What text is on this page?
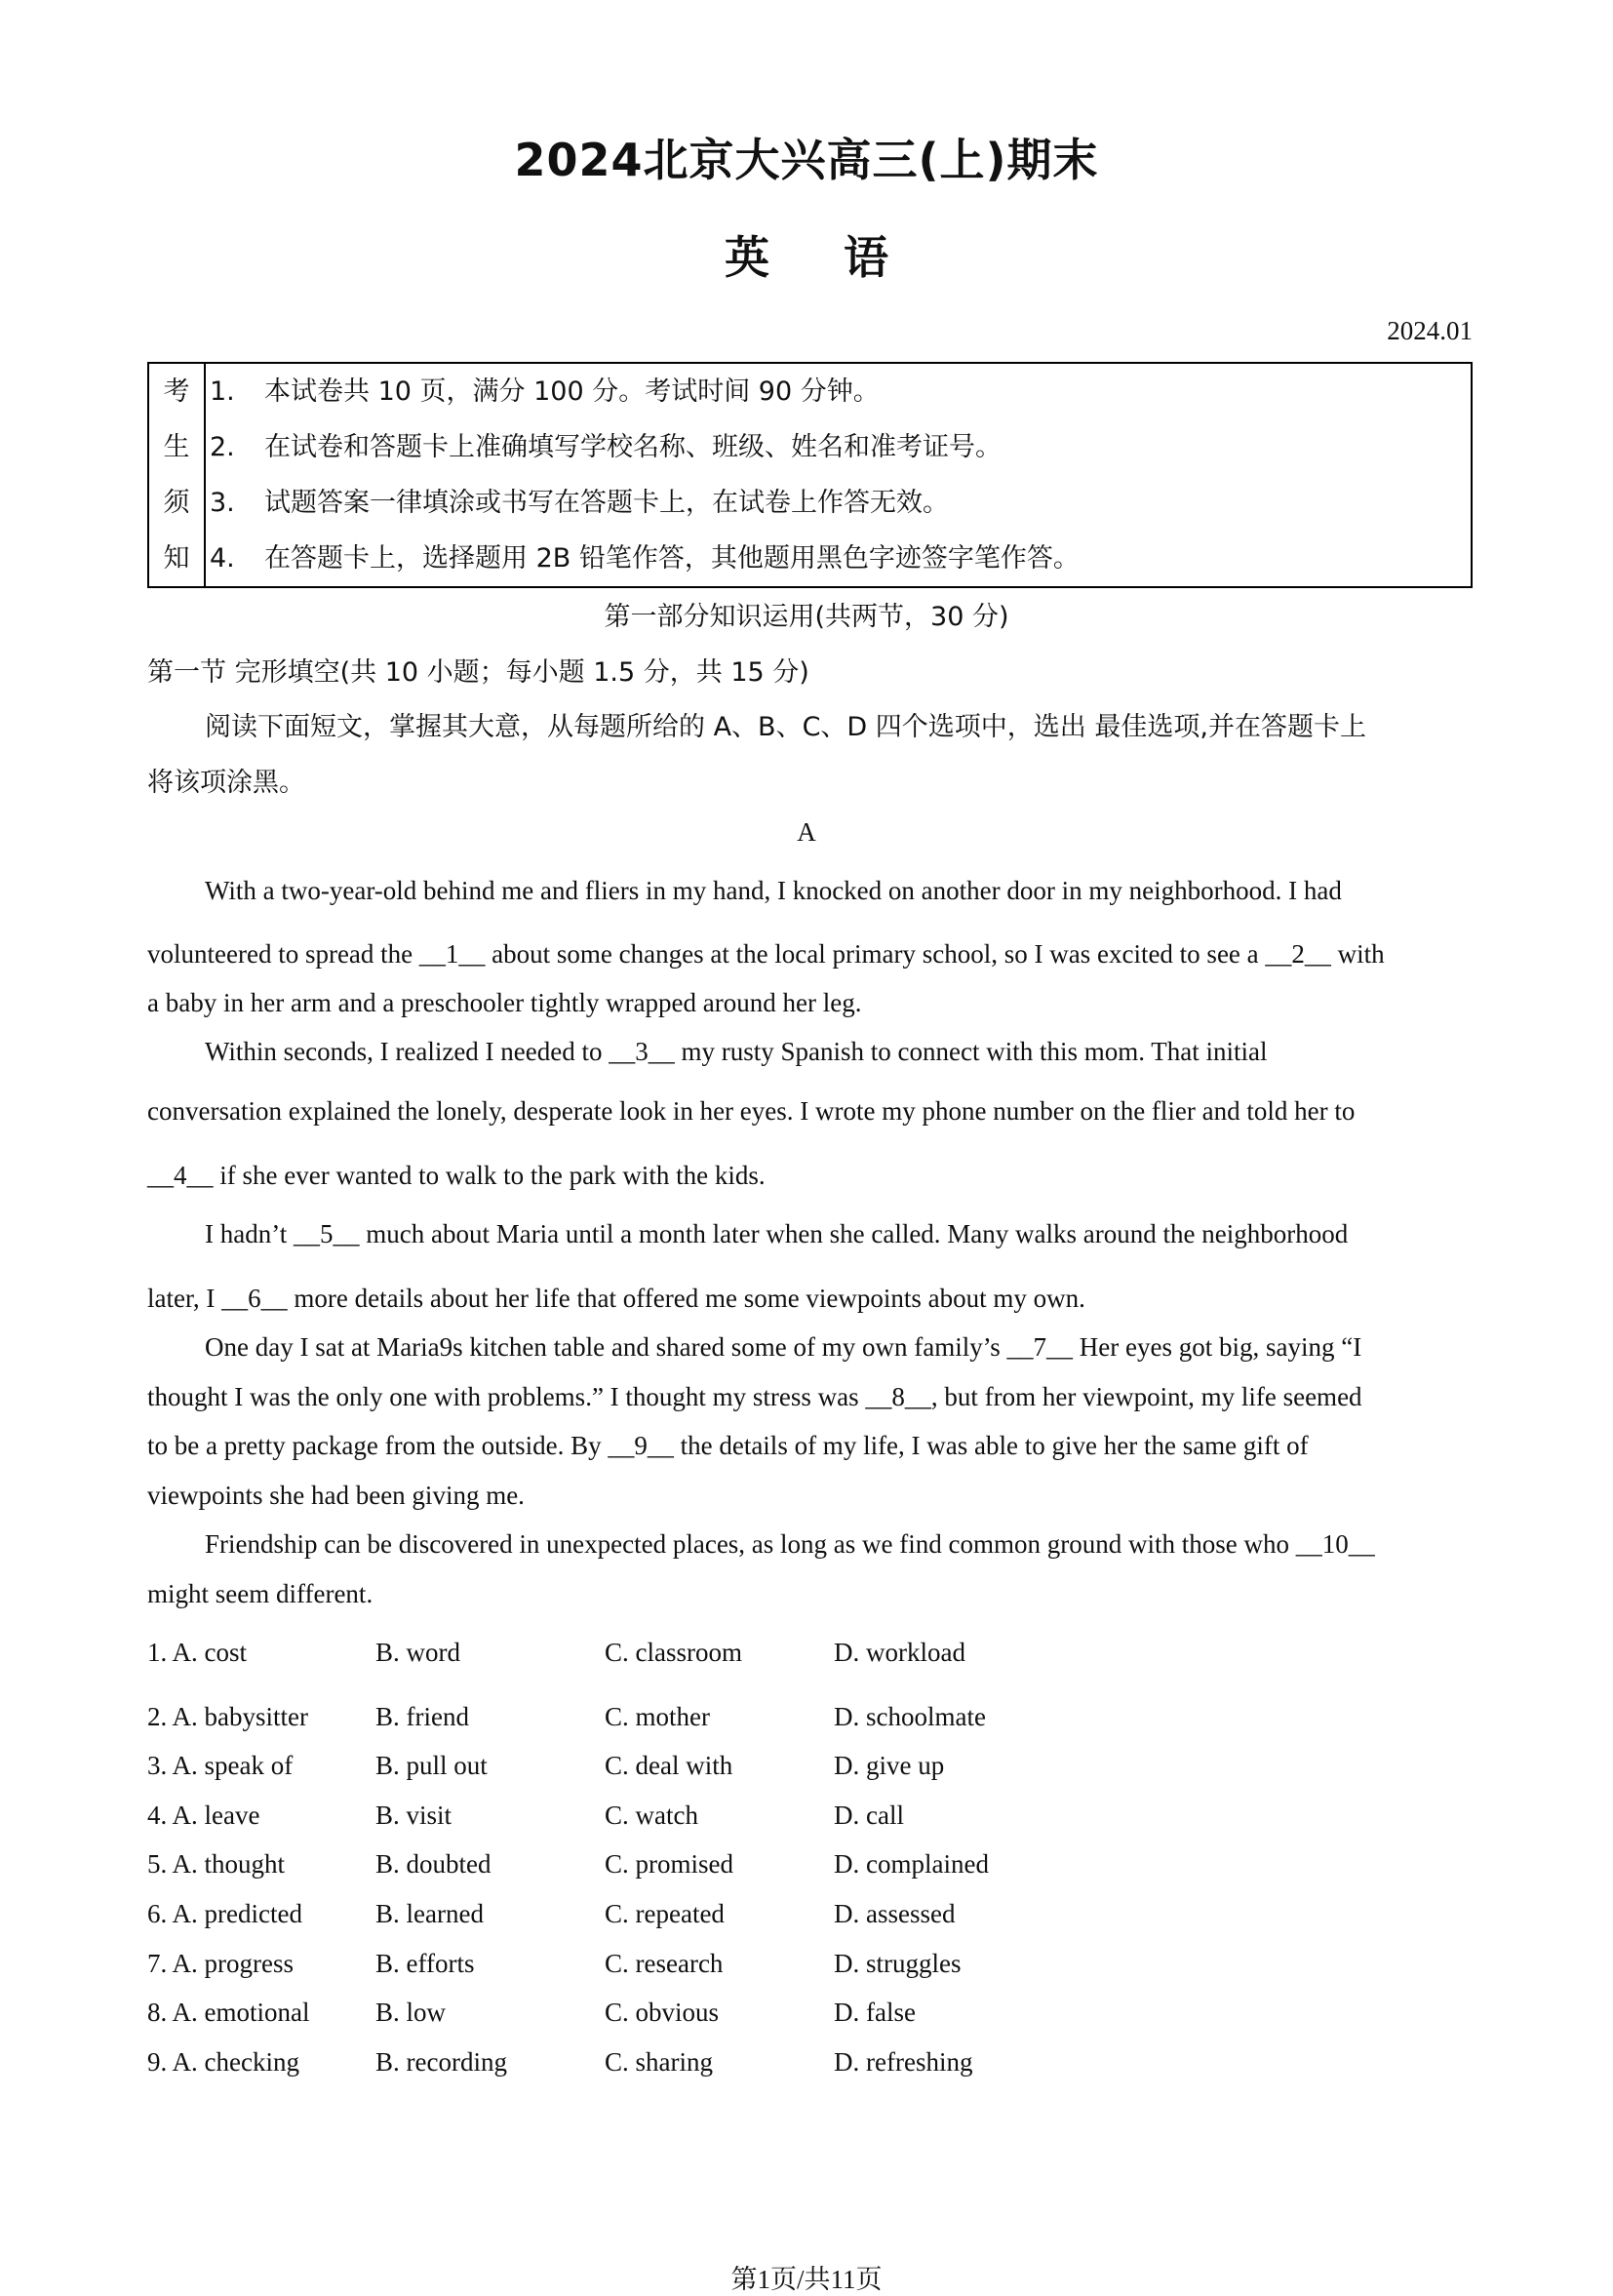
2024北京大兴高三(上)期末
英 语
2024.01
考
生
须
知
1. 本试卷共 10 页，满分 100 分。考试时间 90 分钟。
2. 在试卷和答题卡上准确填写学校名称、班级、姓名和准考证号。
3. 试题答案一律填涂或书写在答题卡上，在试卷上作答无效。
4. 在答题卡上，选择题用 2B 铅笔作答，其他题用黑色字迹签字笔作答。
第一部分知识运用(共两节，30 分)
第一节 完形填空(共 10 小题；每小题 1.5 分，共 15 分)
阅读下面短文，掌握其大意，从每题所给的 A、B、C、D 四个选项中，选出 最佳选项,并在答题卡上
将该项涂黑。
A
With a two-year-old behind me and fliers in my hand, I knocked on another door in my neighborhood. I had
volunteered to spread the __1__ about some changes at the local primary school, so I was excited to see a __2__ with
a baby in her arm and a preschooler tightly wrapped around her leg.
Within seconds, I realized I needed to __3__ my rusty Spanish to connect with this mom. That initial
conversation explained the lonely, desperate look in her eyes. I wrote my phone number on the flier and told her to
__4__ if she ever wanted to walk to the park with the kids.
I hadn’t __5__ much about Maria until a month later when she called. Many walks around the neighborhood
later, I __6__ more details about her life that offered me some viewpoints about my own.
One day I sat at Maria9s kitchen table and shared some of my own family’s __7__ Her eyes got big, saying “I
thought I was the only one with problems.” I thought my stress was __8__, but from her viewpoint, my life seemed
to be a pretty package from the outside. By __9__ the details of my life, I was able to give her the same gift of
viewpoints she had been giving me.
Friendship can be discovered in unexpected places, as long as we find common ground with those who __10__
might seem different.
1. A. cost	B. word	C. classroom	D. workload
2. A. babysitter	B. friend	C. mother	D. schoolmate
3. A. speak of	B. pull out	C. deal with	D. give up
4. A. leave	B. visit	C. watch	D. call
5. A. thought	B. doubted	C. promised	D. complained
6. A. predicted	B. learned	C. repeated	D. assessed
7. A. progress	B. efforts	C. research	D. struggles
8. A. emotional	B. low	C. obvious	D. false
9. A. checking	B. recording	C. sharing	D. refreshing
第1页/共11页
